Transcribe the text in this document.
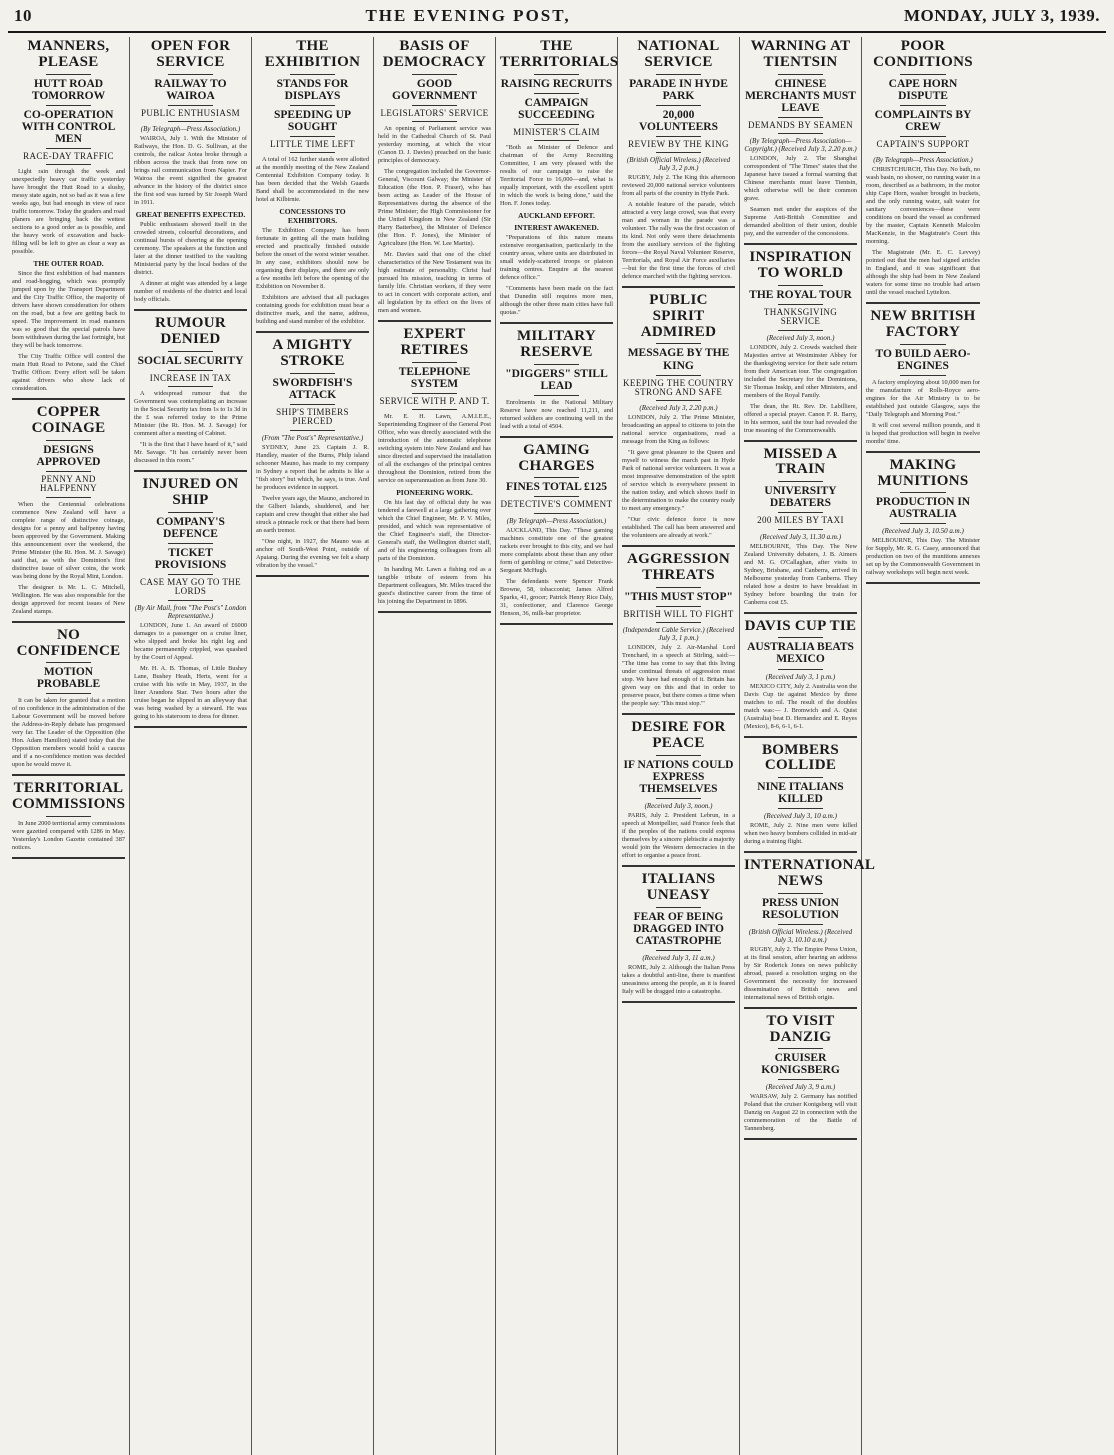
10	THE EVENING POST,	MONDAY, JULY 3, 1939.
MANNERS, PLEASE
HUTT ROAD TOMORROW
CO-OPERATION WITH CONTROL MEN
RACE-DAY TRAFFIC

Light rain through the week and unexpectedly heavy car traffic yesterday have brought the Hutt Road to a slushy, messy state again, not so bad as it was a few weeks ago, but bad enough in view of race traffic tomorrow. Today the graders and road planers are bringing back the wettest sections to a good order as is possible, and the heavy work of excavation and back-filling will be left to give as clear a way as possible.

THE OUTER ROAD.

Since the first exhibition of bad manners and road-hogging, which was promptly jumped upon by the Transport Department and the City Traffic Office, the majority of drivers have shown consideration for others on the road, but a few are getting back to speed. The improvement in road manners was so good that the special patrols have been withdrawn during the last fortnight, but they will be back tomorrow.

The City Traffic Office will control the main Hutt Road to Petone, said the Chief Traffic Officer. Every effort will be taken against drivers who show lack of consideration.

COPPER COINAGE
DESIGNS APPROVED
PENNY AND HALFPENNY

When the Centennial celebrations commence New Zealand will have a complete range of distinctive coinage, designs for a penny and halfpenny having been approved by the Government. Making this announcement over the weekend, the Prime Minister (the Rt. Hon. M. J. Savage) said that, as with the Dominion's first distinctive issue of silver coins, the work was being done by the Royal Mint, London.

The designer is Mr. L. C. Mitchell, Wellington. He was also responsible for the design approved for recent issues of New Zealand stamps.

NO CONFIDENCE
MOTION PROBABLE

It can be taken for granted that a motion of no confidence in the administration of the Labour Government will be moved before the Address-in-Reply debate has progressed very far. The Leader of the Opposition (the Hon. Adam Hamilton) stated today that the Opposition members would hold a caucus and if a no-confidence motion was decided upon he would move it.

TERRITORIAL COMMISSIONS

In June 2000 territorial army commissions were gazetted compared with 1286 in May. Yesterday's London Gazette contained 387 notices.

OPEN FOR SERVICE
RAILWAY TO WAIROA
PUBLIC ENTHUSIASM
(By Telegraph—Press Association.)

WAIROA, July 1. With the Minister of Railways, the Hon. D. G. Sullivan, at the controls, the railcar Aotea broke through a ribbon across the track that from now on brings rail communication from Napier. For Wairoa the event signified the greatest advance in the history of the district since the first sod was turned by Sir Joseph Ward in 1911.

GREAT BENEFITS EXPECTED.

Public enthusiasm showed itself in the crowded streets, colourful decorations, and continual bursts of cheering at the opening ceremony. The speakers at the function and later at the dinner testified to the vaulting Ministerial party by the local bodies of the district.

A dinner at night was attended by a large number of residents of the district and local body officials.

RUMOUR DENIED
SOCIAL SECURITY
INCREASE IN TAX

A widespread rumour that the Government was contemplating an increase in the Social Security tax from 1s to 1s 3d in the £ was referred today to the Prime Minister (the Rt. Hon. M. J. Savage) for comment after a meeting of Cabinet.

"It is the first that I have heard of it," said Mr. Savage. "It has certainly never been discussed in this room."

INJURED ON SHIP
COMPANY'S DEFENCE
TICKET PROVISIONS
CASE MAY GO TO THE LORDS
(By Air Mail, from "The Post's" London Representative.)

LONDON, June 1. An award of £6000 damages to a passenger on a cruise liner, who slipped and broke his right leg and became permanently crippled, was quashed by the Court of Appeal.

Mr. H. A. B. Thomas, of Little Bushey Lane, Bushey Heath, Herts, went for a cruise with his wife in May, 1937, in the liner Arandora Star. Two hours after the cruise began he slipped in an alleyway that was being washed by a steward. He was going to his stateroom to dress for dinner.

THE EXHIBITION
STANDS FOR DISPLAYS
SPEEDING UP SOUGHT
LITTLE TIME LEFT

A total of 162 further stands were allotted at the monthly meeting of the New Zealand Centennial Exhibition Company today. It has been decided that the Welsh Guards Band shall be accommodated in the new hotel at Kilbirnie.

CONCESSIONS TO EXHIBITORS.

The Exhibition Company has been fortunate in getting all the main building erected and practically finished outside before the onset of the worst winter weather. In any case, exhibitors should now be organising their displays, and there are only a few months left before the opening of the Exhibition on November 8.

Exhibitors are advised that all packages containing goods for exhibition must bear a distinctive mark, and the name, address, building and stand number of the exhibitor.

A MIGHTY STROKE
SWORDFISH'S ATTACK
SHIP'S TIMBERS PIERCED
(From "The Post's" Representative.)

SYDNEY, June 23. Captain J. R. Handley, master of the Burns, Philp island schooner Mauno, has made to my company in Sydney a report that he admits is like a "fish story" but which, he says, is true. And he produces evidence in support.

Twelve years ago, the Mauno, anchored in the Gilbert Islands, shuddered, and her captain and crew thought that either she had struck a pinnacle rock or that there had been an earth tremor.

"One night, in 1927, the Mauno was at anchor off South-West Point, outside of Apaiang. During the evening we felt a sharp vibration by the vessel."

BASIS OF DEMOCRACY
GOOD GOVERNMENT
LEGISLATORS' SERVICE

An opening of Parliament service was held in the Cathedral Church of St. Paul yesterday morning, at which the vicar (Canon D. J. Davies) preached on the basic principles of democracy.

The congregation included the Governor-General, Viscount Galway; the Minister of Education (the Hon. P. Fraser), who has been acting as Leader of the House of Representatives during the absence of the Prime Minister; the High Commissioner for the United Kingdom in New Zealand (Sir Harry Batterbee), the Minister of Defence (the Hon. F. Jones), the Minister of Agriculture (the Hon. W. Lee Martin).

Mr. Davies said that one of the chief characteristics of the New Testament was its high estimate of personality. Christ had pursued his mission, teaching in terms of family life. Christian workers, if they were to act in concert with corporate action, and all legislation by its effect on the lives of men and women.

EXPERT RETIRES
TELEPHONE SYSTEM
SERVICE WITH P. AND T.

Mr. E. H. Lawn, A.M.I.E.E., Superintending Engineer of the General Post Office, who was directly associated with the introduction of the automatic telephone switching system into New Zealand and has since directed and supervised the installation of all the exchanges of the principal centres throughout the Dominion, retired from the service on superannuation as from June 30.

PIONEERING WORK.

On his last day of official duty he was tendered a farewell at a large gathering over which the Chief Engineer, Mr. P. V. Miles, presided, and which was representative of the Chief Engineer's staff, the Director-General's staff, the Wellington district staff, and of his engineering colleagues from all parts of the Dominion.

In handing Mr. Lawn a fishing rod as a tangible tribute of esteem from his Department colleagues, Mr. Miles traced the guest's distinctive career from the time of his joining the Department in 1896.

THE TERRITORIALS
RAISING RECRUITS
CAMPAIGN SUCCEEDING
MINISTER'S CLAIM

"Both as Minister of Defence and chairman of the Army Recruiting Committee, I am very pleased with the results of our campaign to raise the Territorial Force to 16,000—and, what is equally important, with the excellent spirit in which the work is being done," said the Hon. F. Jones today.

AUCKLAND EFFORT.
INTEREST AWAKENED.

"Preparations of this nature means extensive reorganisation, particularly in the country areas, where units are distributed in small widely-scattered troops or platoon training centres. Enquire at the nearest defence office."

"Comments have been made on the fact that Dunedin still requires more men, although the other three main cities have full quotas."

MILITARY RESERVE
"DIGGERS" STILL LEAD

Enrolments in the National Military Reserve have now reached 11,211, and returned soldiers are continuing well in the lead with a total of 4504.

GAMING CHARGES
FINES TOTAL £125
DETECTIVE'S COMMENT
(By Telegraph—Press Association.)

AUCKLAND, This Day. "These gaming machines constitute one of the greatest rackets ever brought to this city, and we had more complaints about these than any other form of gambling or crime," said Detective-Sergeant McHugh.

The defendants were Spencer Frank Browne, 58, tobacconist; James Alfred Sparks, 41, grocer; Patrick Henry Rice Daly, 31, confectioner, and Clarence George Henson, 36, milk-bar proprietor.

NATIONAL SERVICE
PARADE IN HYDE PARK
20,000 VOLUNTEERS
REVIEW BY THE KING
(British Official Wireless.) (Received July 3, 2 p.m.)

RUGBY, July 2. The King this afternoon reviewed 20,000 national service volunteers from all parts of the country in Hyde Park.

A notable feature of the parade, which attracted a very large crowd, was that every man and woman in the parade was a volunteer. The rally was the first occasion of its kind. Not only were there detachments from the auxiliary services of the fighting forces—the Royal Naval Volunteer Reserve, Territorials, and Royal Air Force auxiliaries—but for the first time the forces of civil defence marched with the fighting services.

PUBLIC SPIRIT ADMIRED
MESSAGE BY THE KING
KEEPING THE COUNTRY STRONG AND SAFE
(Received July 3, 2.20 p.m.)

LONDON, July 2. The Prime Minister, broadcasting an appeal to citizens to join the national service organisations, read a message from the King as follows:

"It gave great pleasure to the Queen and myself to witness the march past in Hyde Park of national service volunteers. It was a most impressive demonstration of the spirit of service which is everywhere present in the nation today, and which shows itself in the determination to make the country ready to meet any emergency."

"Our civic defence force is now established. The call has been answered and the volunteers are already at work."

AGGRESSION THREATS
"THIS MUST STOP"
BRITISH WILL TO FIGHT
(Independent Cable Service.) (Received July 3, 1 p.m.)

LONDON, July 2. Air-Marshal Lord Trenchard, in a speech at Stirling, said:— "The time has come to say that this living under continual threats of aggression must stop. We have had enough of it. Britain has given way on this and that in order to preserve peace, but there comes a time when the people say: 'This must stop.'"

DESIRE FOR PEACE
IF NATIONS COULD EXPRESS THEMSELVES
(Received July 3, noon.)

PARIS, July 2. President Lebrun, in a speech at Montpellier, said France feels that if the peoples of the nations could express themselves by a sincere plebiscite a majority would join the Western democracies in the effort to organise a peace front.

ITALIANS UNEASY
FEAR OF BEING DRAGGED INTO CATASTROPHE
(Received July 3, 11 a.m.)

ROME, July 2. Although the Italian Press takes a doubtful anti-line, there is manifest uneasiness among the people, as it is feared Italy will be dragged into a catastrophe.

WARNING AT TIENTSIN
CHINESE MERCHANTS MUST LEAVE
DEMANDS BY SEAMEN
(By Telegraph—Press Association—Copyright.) (Received July 3, 2.20 p.m.)

LONDON, July 2. The Shanghai correspondent of "The Times" states that the Japanese have issued a formal warning that Chinese merchants must leave Tientsin, which otherwise will be their common grave.

Seamen met under the auspices of the Supreme Anti-British Committee and demanded abolition of their union, double pay, and the surrender of the concessions.

INSPIRATION TO WORLD
THE ROYAL TOUR
THANKSGIVING SERVICE
(Received July 3, noon.)

LONDON, July 2. Crowds watched their Majesties arrive at Westminster Abbey for the thanksgiving service for their safe return from their American tour. The congregation included the Secretary for the Dominions, Sir Thomas Inskip, and other Ministers, and members of the Royal Family.

The dean, the Rt. Rev. Dr. Labilliere, offered a special prayer. Canon F. R. Barry, in his sermon, said the tour had revealed the true meaning of the Commonwealth.

MISSED A TRAIN
UNIVERSITY DEBATERS
200 MILES BY TAXI
(Received July 3, 11.30 a.m.)

MELBOURNE, This Day. The New Zealand University debaters, J. B. Aimers and M. G. O'Callaghan, after visits to Sydney, Brisbane, and Canberra, arrived in Melbourne yesterday from Canberra. They related how a desire to have breakfast in Sydney before boarding the train for Canberra cost £5.

DAVIS CUP TIE
AUSTRALIA BEATS MEXICO
(Received July 3, 1 p.m.)

MEXICO CITY, July 2. Australia won the Davis Cup tie against Mexico by three matches to nil. The result of the doubles match was:— J. Bromwich and A. Quist (Australia) beat D. Hernandez and E. Reyes (Mexico), 8-6, 6-1, 6-1.

BOMBERS COLLIDE
NINE ITALIANS KILLED
(Received July 3, 10 a.m.)

ROME, July 2. Nine men were killed when two heavy bombers collided in mid-air during a training flight.

INTERNATIONAL NEWS
PRESS UNION RESOLUTION
(British Official Wireless.) (Received July 3, 10.10 a.m.)

RUGBY, July 2. The Empire Press Union, at its final session, after hearing an address by Sir Roderick Jones on news publicity abroad, passed a resolution urging on the Government the necessity for increased dissemination of British news and international news of British origin.

TO VISIT DANZIG
CRUISER KONIGSBERG
(Received July 3, 9 a.m.)

WARSAW, July 2. Germany has notified Poland that the cruiser Konigsberg will visit Danzig on August 22 in connection with the commemoration of the Battle of Tannenberg.

POOR CONDITIONS
CAPE HORN DISPUTE
COMPLAINTS BY CREW
CAPTAIN'S SUPPORT
(By Telegraph—Press Association.)

CHRISTCHURCH, This Day. No bath, no wash basin, no shower, no running water in a room, described as a bathroom, in the motor ship Cape Horn, washer brought in buckets, and the only running water, salt water for sanitary conveniences—these were conditions on board the vessel as confirmed by the master, Captain Kenneth Malcolm MacKenzie, in the Magistrate's Court this morning.

The Magistrate (Mr. E. C. Levvey) pointed out that the men had signed articles in England, and it was significant that although the ship had been in New Zealand waters for some time no trouble had arisen until the vessel reached Lyttelton.

NEW BRITISH FACTORY
TO BUILD AERO-ENGINES

A factory employing about 10,000 men for the manufacture of Rolls-Royce aero-engines for the Air Ministry is to be established just outside Glasgow, says the "Daily Telegraph and Morning Post."

It will cost several million pounds, and it is hoped that production will begin in twelve months' time.

MAKING MUNITIONS
PRODUCTION IN AUSTRALIA
(Received July 3, 10.50 a.m.)

MELBOURNE, This Day. The Minister for Supply, Mr. R. G. Casey, announced that production on two of the munitions annexes set up by the Commonwealth Government in railway workshops will begin next week.
